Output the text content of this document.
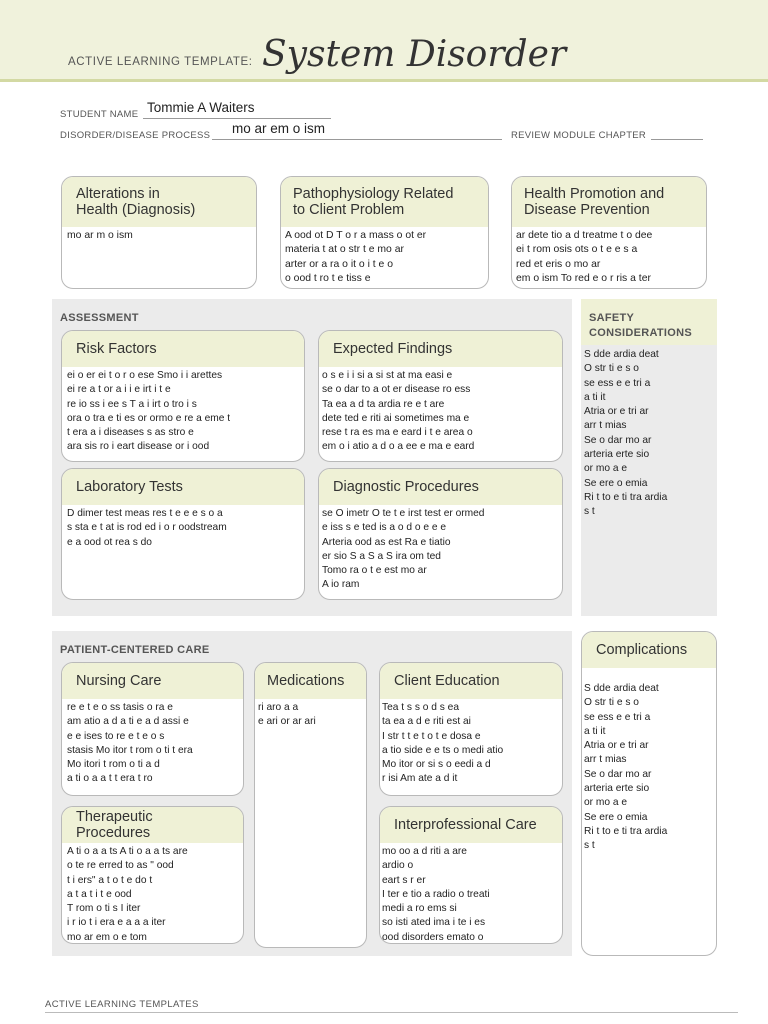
ACTIVE LEARNING TEMPLATE: System Disorder
STUDENT NAME Tommie A Waiters
DISORDER/DISEASE PROCESS mo ar em o ism	REVIEW MODULE CHAPTER
Alterations in
Health (Diagnosis)
mo ar m o ism
Pathophysiology Related
to Client Problem
A ood ot D T o r a mass o ot er
materia t at o str t e mo ar
arter or a ra o it o i t e o
o ood t ro t e tiss e
Health Promotion and
Disease Prevention
ar dete tio a d treatme t o dee
ei t rom osis ots o t e e s a
red et eris o mo ar
em o ism To red e o r ris a ter
ASSESSMENT
Risk Factors
ei o er ei t o r o ese Smo i i arettes
ei re a t or a i i e irt i t e
re io ss i ee s T a i irt o tro i s
ora o tra e ti es or ormo e re a eme t
t era a i diseases s as stro e
ara sis ro i eart disease or i ood
Expected Findings
o s e i i si a si st at ma easi e
se o dar to a ot er disease ro ess
Ta ea a d ta ardia re e t are
dete ted e riti ai sometimes ma e
rese t ra es ma e eard i t e area o
em o i atio a d o a ee e ma e eard
Laboratory Tests
D dimer test meas res t e e e s o a
s sta e t at is rod ed i o r oodstream
e a ood ot rea s do
Diagnostic Procedures
se O imetr O te t e irst test er ormed
e iss s e ted is a o d o e e e
Arteria ood as est Ra e tiatio
er sio S a S a S ira om ted
Tomo ra o t e est mo ar
A io ram
SAFETY
CONSIDERATIONS
S dde ardia deat
O str ti e s o
se ess e e tri a
a ti it
Atria or e tri ar
arr t mias
Se o dar mo ar
arteria erte sio
or mo a e
Se ere o emia
Ri t to e ti tra ardia
s t
PATIENT-CENTERED CARE
Nursing Care
re e t e o ss tasis o ra e
am atio a d a ti e a d assi e
e e ises to re e t e o s
stasis Mo itor t rom o ti t era
Mo itori t rom o ti a d
a ti o a a t t era t ro
Medications
ri aro a a
e ari or ar ari
Client Education
Tea t s s o d s ea
ta ea a d e riti est ai
I str t t e t o t e dosa e
a tio side e e ts o medi atio
Mo itor or si s o eedi a d
r isi Am ate a d it
Therapeutic Procedures
A ti o a a ts A ti o a a ts are
o te re erred to as " ood
t i ers" a t o t e do t
a t a t i t e ood
T rom o ti s I iter
i r io t i era e a a a iter
mo ar em o e tom
Interprofessional Care
mo oo a d riti a are
ardio o
eart s r er
I ter e tio a radio o treati
medi a ro ems si
so isti ated ima i te i es
ood disorders emato o
Complications
S dde ardia deat
O str ti e s o
se ess e e tri a
a ti it
Atria or e tri ar
arr t mias
Se o dar mo ar
arteria erte sio
or mo a e
Se ere o emia
Ri t to e ti tra ardia
s t
ACTIVE LEARNING TEMPLATES
